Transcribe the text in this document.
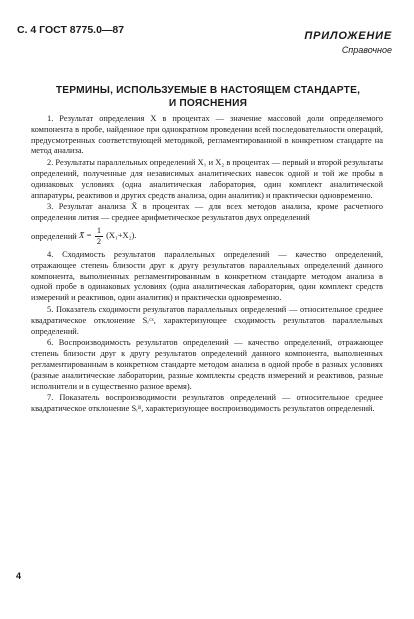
С. 4 ГОСТ 8775.0—87	ПРИЛОЖЕНИЕ
Справочное
ТЕРМИНЫ, ИСПОЛЬЗУЕМЫЕ В НАСТОЯЩЕМ СТАНДАРТЕ,
И ПОЯСНЕНИЯ

1. Результат определения X в процентах — значение массовой доли определяемого компонента в пробе, найденное при однократном проведении всей последовательности операций, предусмотренных соответствующей методикой, регламентированной в конкретном стандарте на метод анализа.

2. Результаты параллельных определений X₁ и X₂ в процентах — первый и второй результаты определений, полученные для независимых аналитических навесок одной и той же пробы в одинаковых условиях (одна аналитическая лаборатория, один комплект аналитической аппаратуры, реактивов и других средств анализа, один аналитик) и практически одновременно.

3. Результат анализа X̄ в процентах — для всех методов анализа, кроме расчетного определения лития — среднее арифметическое результатов двух определений

определений X̄ = $\frac{1}{2} (X_1+X_2)$.

4. Сходимость результатов параллельных определений — качество определений, отражающее степень близости друг к другу результатов параллельных определений данного компонента, выполненных регламентированным в конкретном стандарте методом анализа в одной пробе в одинаковых условиях (одна аналитическая лаборатория, один комплект средств измерений и реактивов, один аналитик) и практически одновременно.

5. Показатель сходимости результатов параллельных определений — относительное среднее квадратическое отклонение Sᵣᶜˣ, характеризующее сходимость результатов параллельных определений.

6. Воспроизводимость результатов определений — качество определений, отражающее степень близости друг к другу результатов определений данного компонента, выполненных регламентированным в конкретном стандарте методом анализа в одной пробе в разных условиях (разные аналитические лаборатории, разные комплекты средств измерений и реактивов, разные исполнители и в существенно разное время).

7. Показатель воспроизводимости результатов определений — относительное среднее квадратическое отклонение Sᵣᴮ, характеризующее воспроизводимость результатов определений.

4
